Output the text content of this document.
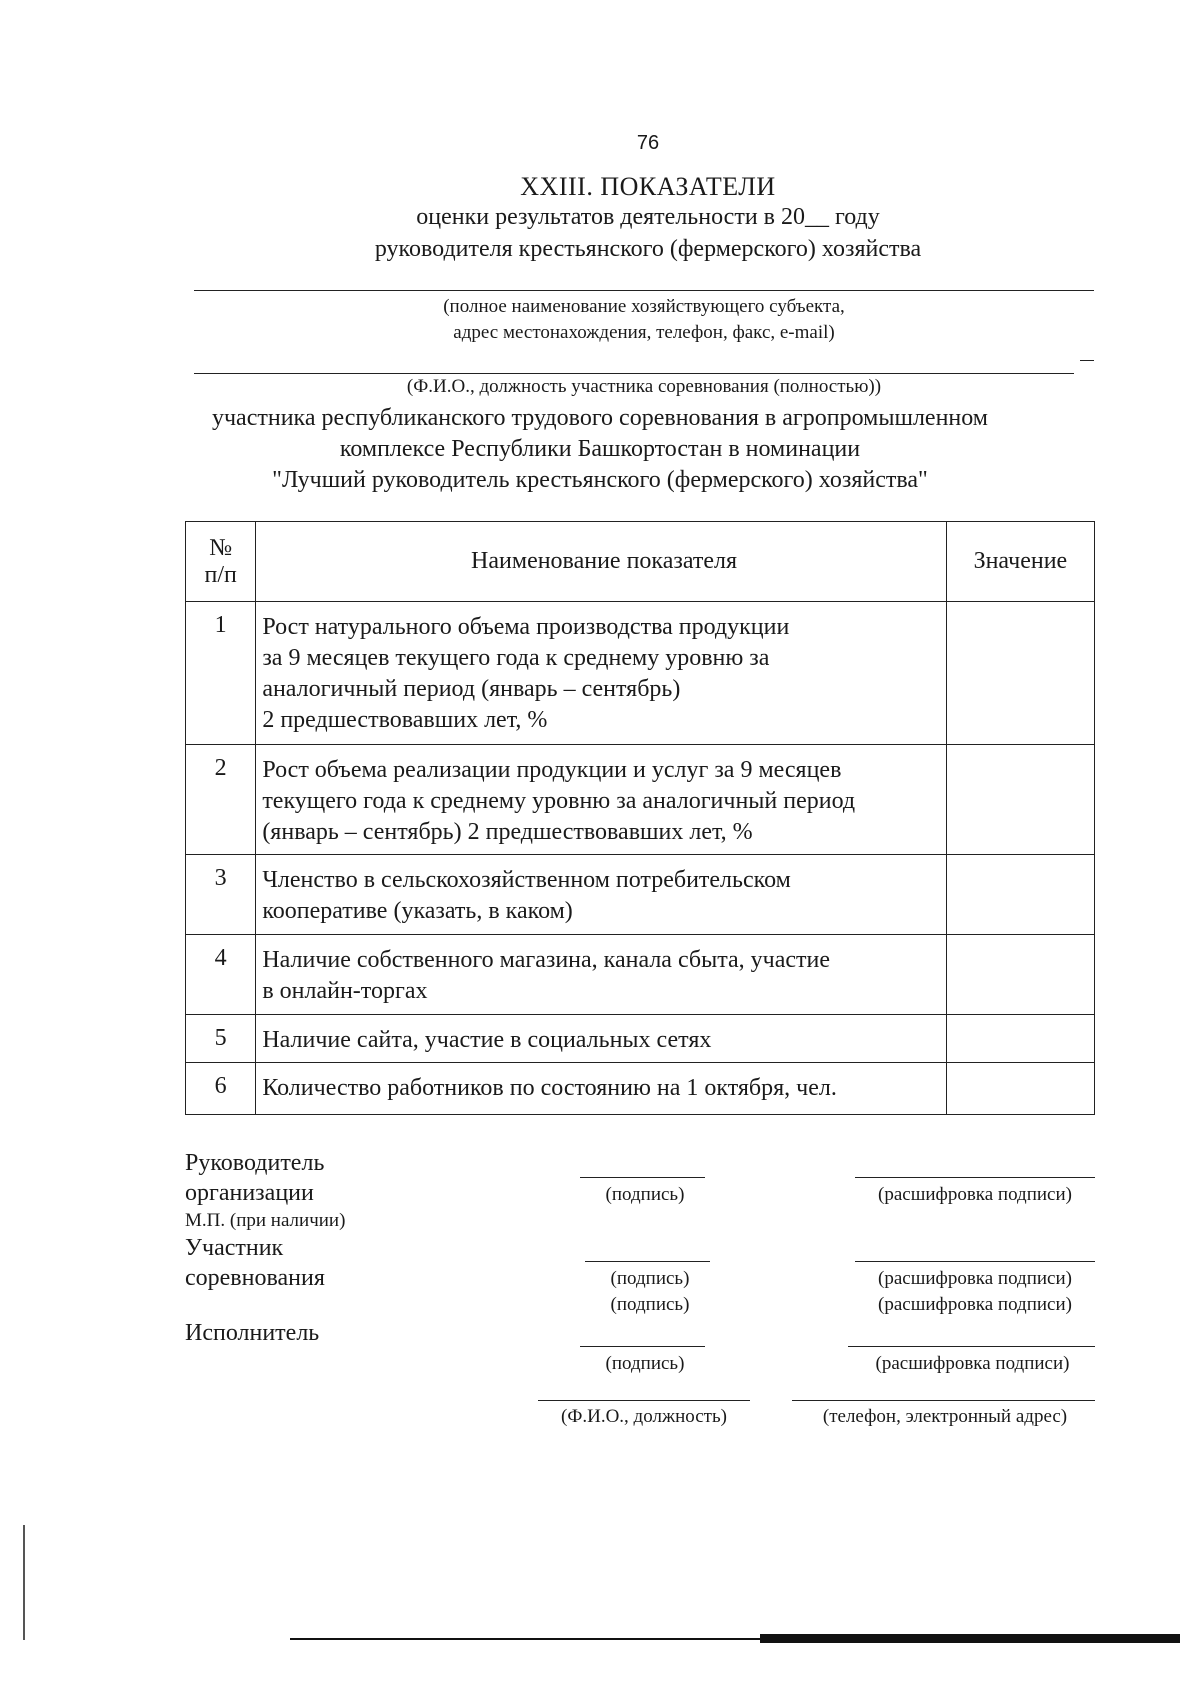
76
XXIII. ПОКАЗАТЕЛИ
оценки результатов деятельности в 20__ году
руководителя крестьянского (фермерского) хозяйства
(полное наименование хозяйствующего субъекта,
адрес местонахождения, телефон, факс, e-mail)
(Ф.И.О., должность участника соревнования (полностью))
участника республиканского трудового соревнования в агропромышленном
комплексе Республики Башкортостан в номинации
"Лучший руководитель крестьянского (фермерского) хозяйства"
№
п/п	Наименование показателя	Значение
1	Рост натурального объема производства продукции
за 9 месяцев текущего года к среднему уровню за
аналогичный период (январь – сентябрь)
2 предшествовавших лет, %	

2	Рост объема реализации продукции и услуг за 9 месяцев
текущего года к среднему уровню за аналогичный период
(январь – сентябрь) 2 предшествовавших лет, %	

3	Членство в сельскохозяйственном потребительском
кооперативе (указать, в каком)	

4	Наличие собственного магазина, канала сбыта, участие
в онлайн-торгах	

5	Наличие сайта, участие в социальных сетях	

6	Количество работников по состоянию на 1 октября, чел.	

Руководитель
организации
М.П. (при наличии)
Участник
соревнования
Исполнитель
(подпись)	(расшифровка подписи)
(подпись)
(подпись)
(расшифровка подписи)
(расшифровка подписи)
(подпись)	(расшифровка подписи)
(Ф.И.О., должность)	(телефон, электронный адрес)
